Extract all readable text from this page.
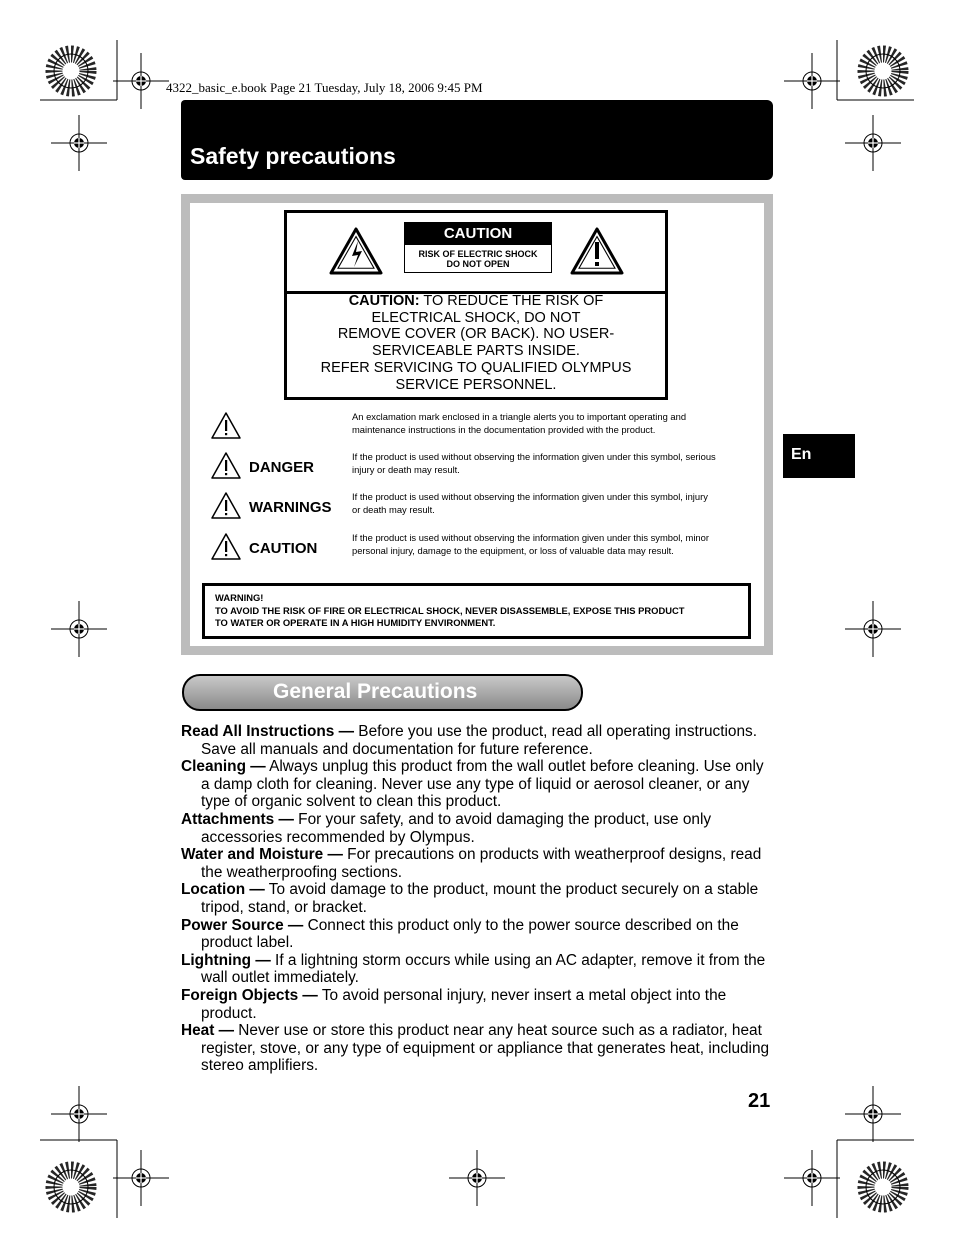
4322_basic_e.book Page 21 Tuesday, July 18, 2006 9:45 PM
Safety precautions
En
CAUTION
RISK OF ELECTRIC SHOCK
DO NOT OPEN
CAUTION: TO REDUCE THE RISK OF
ELECTRICAL SHOCK, DO NOT
REMOVE COVER (OR BACK). NO USER-
SERVICEABLE PARTS INSIDE.
REFER SERVICING TO QUALIFIED OLYMPUS
SERVICE PERSONNEL.
An exclamation mark enclosed in a triangle alerts you to important operating and
maintenance instructions in the documentation provided with the product.
DANGER
If the product is used without observing the information given under this symbol, serious
injury or death may result.
WARNINGS
If the product is used without observing the information given under this symbol, injury
or death may result.
CAUTION
If the product is used without observing the information given under this symbol, minor
personal injury, damage to the equipment, or loss of valuable data may result.
WARNING!
TO AVOID THE RISK OF FIRE OR ELECTRICAL SHOCK, NEVER DISASSEMBLE, EXPOSE THIS PRODUCT
TO WATER OR OPERATE IN A HIGH HUMIDITY ENVIRONMENT.
General Precautions

Read All Instructions — Before you use the product, read all operating instructions. Save all manuals and documentation for future reference.

Cleaning — Always unplug this product from the wall outlet before cleaning. Use only a damp cloth for cleaning. Never use any type of liquid or aerosol cleaner, or any type of organic solvent to clean this product.

Attachments — For your safety, and to avoid damaging the product, use only accessories recommended by Olympus.

Water and Moisture — For precautions on products with weatherproof designs, read the weatherproofing sections.

Location — To avoid damage to the product, mount the product securely on a stable tripod, stand, or bracket.

Power Source — Connect this product only to the power source described on the product label.

Lightning — If a lightning storm occurs while using an AC adapter, remove it from the wall outlet immediately.

Foreign Objects — To avoid personal injury, never insert a metal object into the product.

Heat — Never use or store this product near any heat source such as a radiator, heat register, stove, or any type of equipment or appliance that generates heat, including stereo amplifiers.

21
